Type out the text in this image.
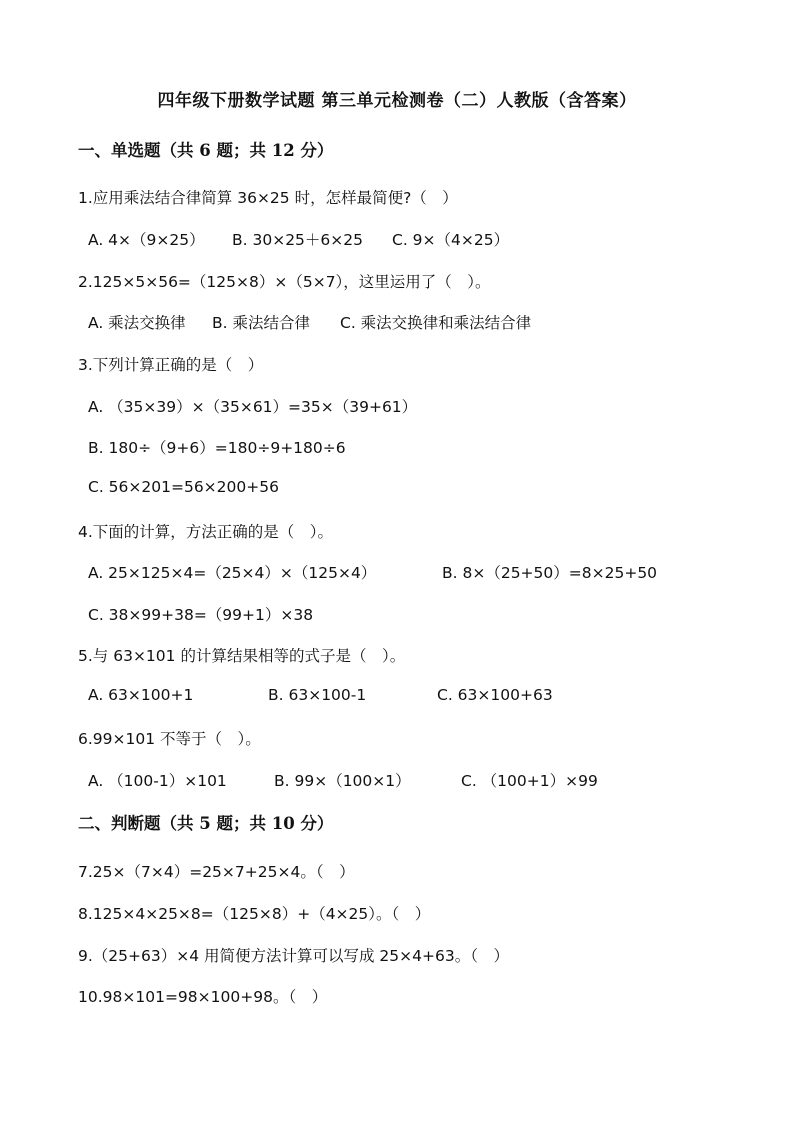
四年级下册数学试题 第三单元检测卷（二）人教版（含答案）
一、单选题（共 6 题；共 12 分）
1.应用乘法结合律简算 36×25 时，怎样最简便?（　）
A. 4×（9×25） B. 30×25＋6×25 C. 9×（4×25）
2.125×5×56=（125×8）×（5×7），这里运用了（　）。
A. 乘法交换律 B. 乘法结合律 C. 乘法交换律和乘法结合律
3.下列计算正确的是（　）
A. （35×39）×（35×61）=35×（39+61）
B. 180÷（9+6）=180÷9+180÷6
C. 56×201=56×200+56
4.下面的计算，方法正确的是（　）。
A. 25×125×4=（25×4）×（125×4）	B. 8×（25+50）=8×25+50
C. 38×99+38=（99+1）×38
5.与 63×101 的计算结果相等的式子是（　）。
A. 63×100+1	B. 63×100-1	C. 63×100+63
6.99×101 不等于（　）。
A. （100-1）×101	B. 99×（100×1）	C. （100+1）×99
二、判断题（共 5 题；共 10 分）
7.25×（7×4）=25×7+25×4。（　）
8.125×4×25×8=（125×8）+（4×25）。（　）
9.（25+63）×4 用简便方法计算可以写成 25×4+63。（　）
10.98×101=98×100+98。（　）
